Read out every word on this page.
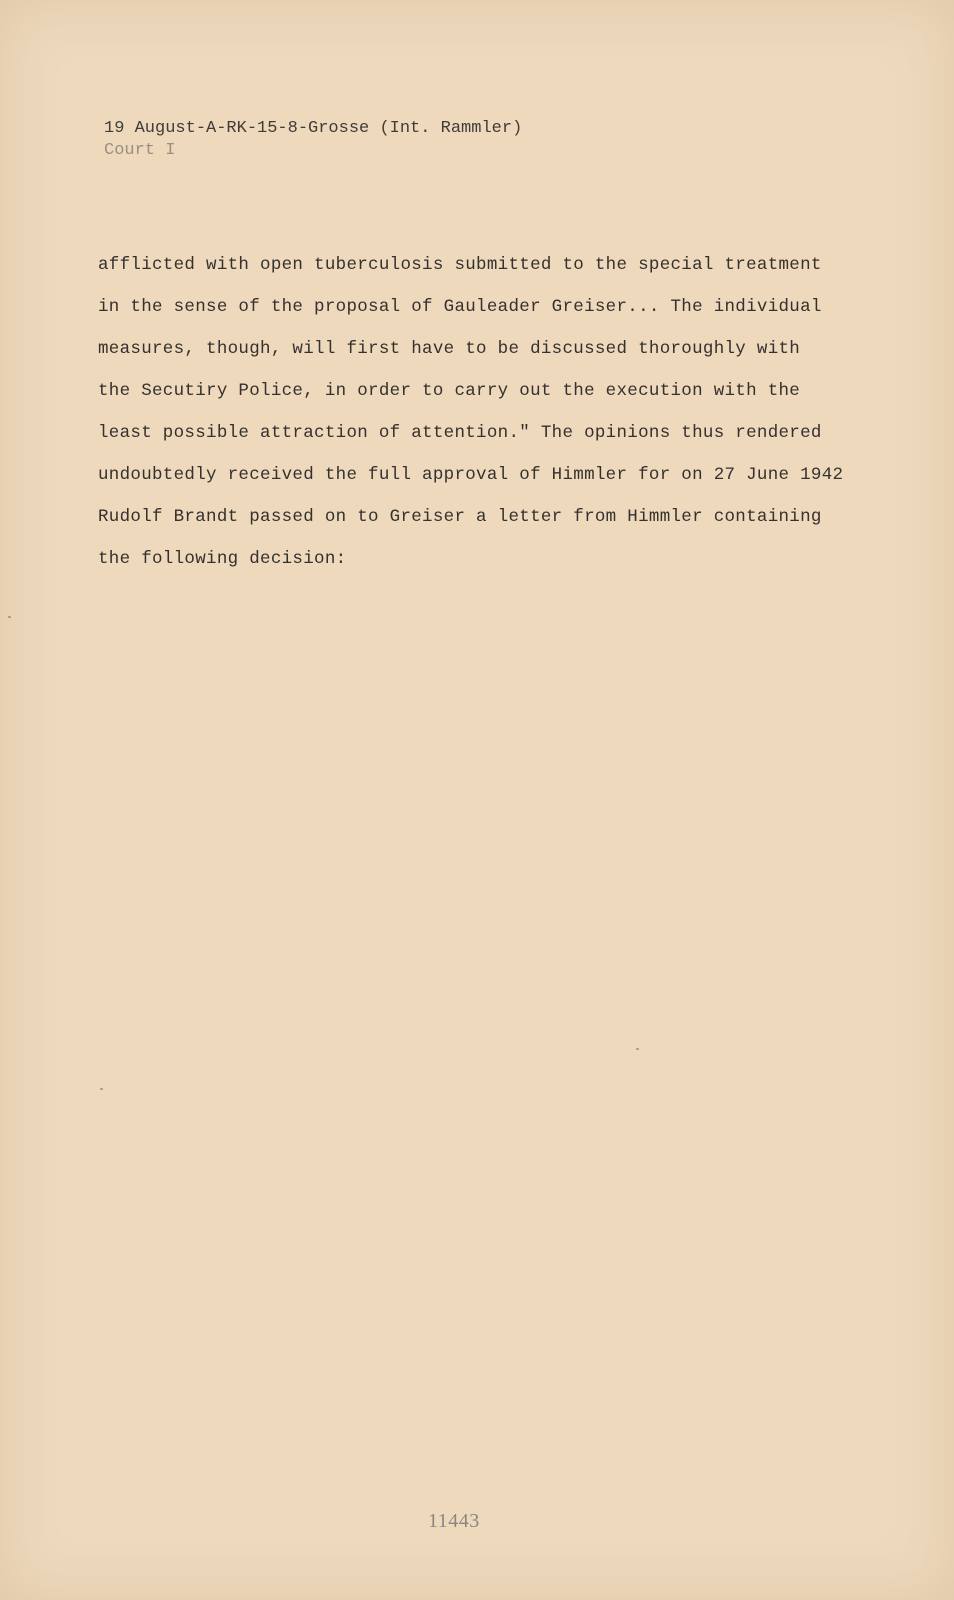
19 August-A-RK-15-8-Grosse (Int. Rammler)
Court I
afflicted with open tuberculosis submitted to the special treatment
in the sense of the proposal of Gauleader Greiser... The individual
measures, though, will first have to be discussed thoroughly with
the Secutiry Police, in order to carry out the execution with the
least possible attraction of attention." The opinions thus rendered
undoubtedly received the full approval of Himmler for on 27 June 1942
Rudolf Brandt passed on to Greiser a letter from Himmler containing
the following decision:
11443
